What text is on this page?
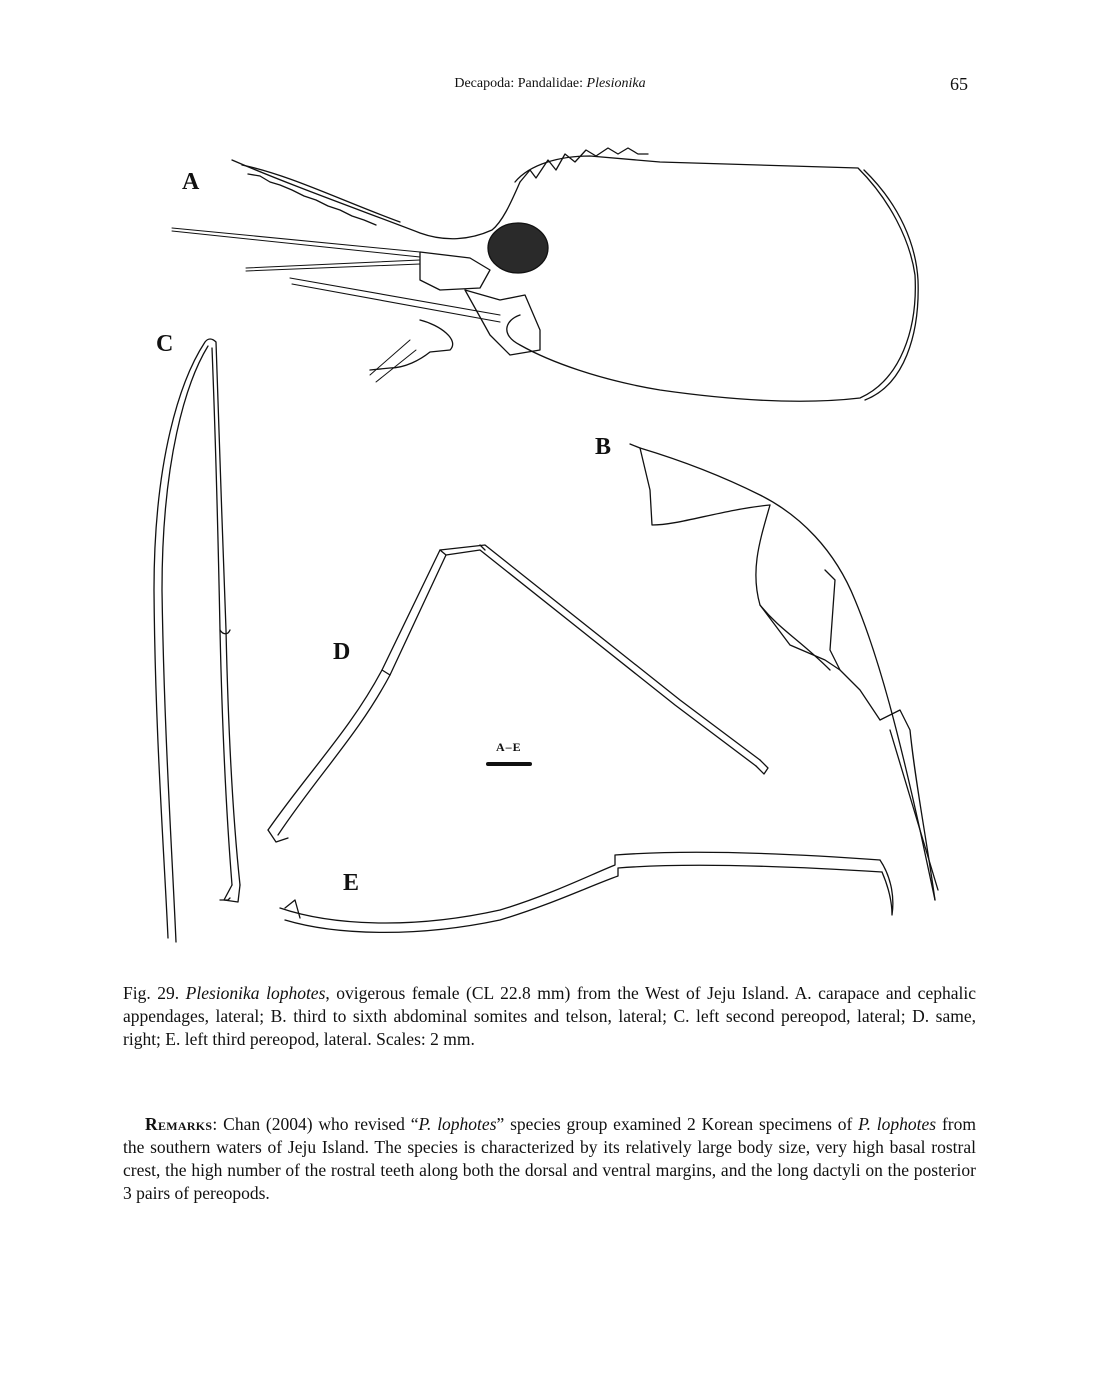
Decapoda: Pandalidae: Plesionika	65
A
B
C
D
E
A–E
Fig. 29. Plesionika lophotes, ovigerous female (CL 22.8 mm) from the West of Jeju Island. A. carapace and cephalic appendages, lateral; B. third to sixth abdominal somites and telson, lateral; C. left second pereopod, lateral; D. same, right; E. left third pereopod, lateral. Scales: 2 mm.
Remarks: Chan (2004) who revised “P. lophotes” species group examined 2 Korean specimens of P. lophotes from the southern waters of Jeju Island. The species is characterized by its relatively large body size, very high basal rostral crest, the high number of the rostral teeth along both the dorsal and ventral margins, and the long dactyli on the posterior 3 pairs of pereopods.
